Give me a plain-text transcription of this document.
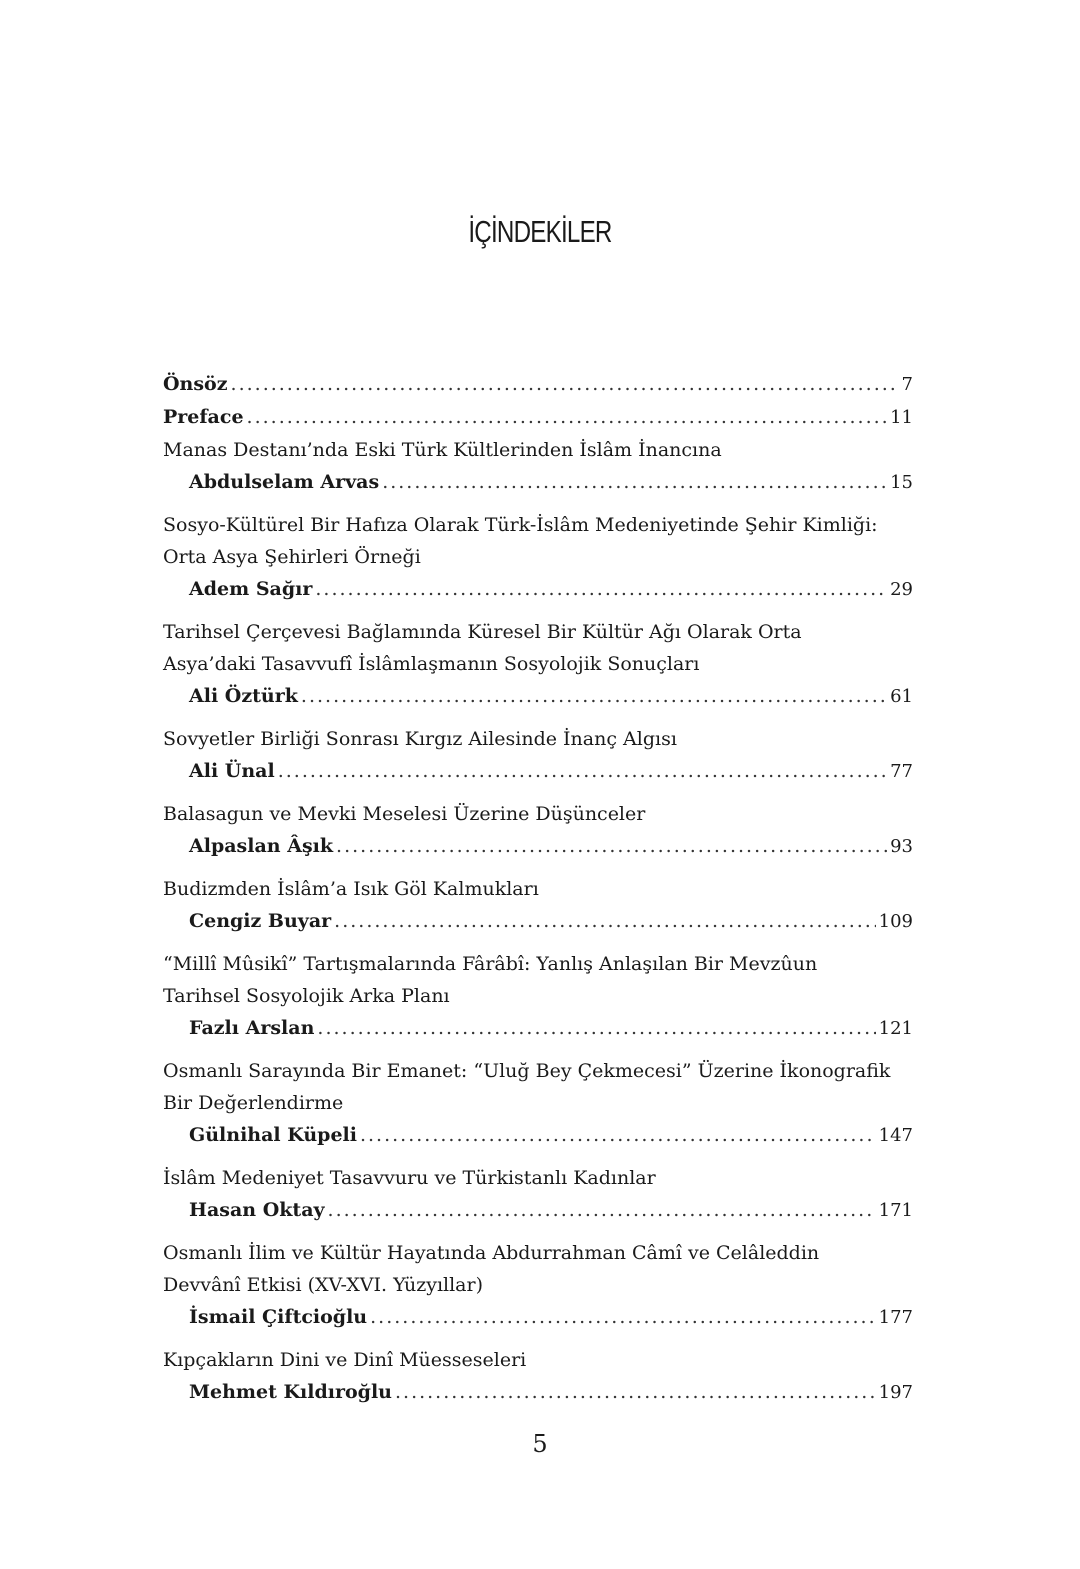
İÇİNDEKİLER
Önsöz .....	7
Preface .....	11
Manas Destanı’nda Eski Türk Kültlerinden İslâm İnancına
Abdulselam Arvas .....	15
Sosyo-Kültürel Bir Hafıza Olarak Türk-İslâm Medeniyetinde Şehir Kimliği:
Orta Asya Şehirleri Örneği
Adem Sağır .....	29
Tarihsel Çerçevesi Bağlamında Küresel Bir Kültür Ağı Olarak Orta
Asya’daki Tasavvufî İslâmlaşmanın Sosyolojik Sonuçları
Ali Öztürk .....	61
Sovyetler Birliği Sonrası Kırgız Ailesinde İnanç Algısı
Ali Ünal .....	77
Balasagun ve Mevki Meselesi Üzerine Düşünceler
Alpaslan Âşık .....	93
Budizmden İslâm’a Isık Göl Kalmukları
Cengiz Buyar .....	109
“Millî Mûsikî” Tartışmalarında Fârâbî: Yanlış Anlaşılan Bir Mevzûun
Tarihsel Sosyolojik Arka Planı
Fazlı Arslan .....	121
Osmanlı Sarayında Bir Emanet: “Uluğ Bey Çekmecesi” Üzerine İkonografik
Bir Değerlendirme
Gülnihal Küpeli .....	147
İslâm Medeniyet Tasavvuru ve Türkistanlı Kadınlar
Hasan Oktay .....	171
Osmanlı İlim ve Kültür Hayatında Abdurrahman Câmî ve Celâleddin
Devvânî Etkisi (XV-XVI. Yüzyıllar)
İsmail Çiftcioğlu .....	177
Kıpçakların Dini ve Dinî Müesseseleri
Mehmet Kıldıroğlu .....	197
5
